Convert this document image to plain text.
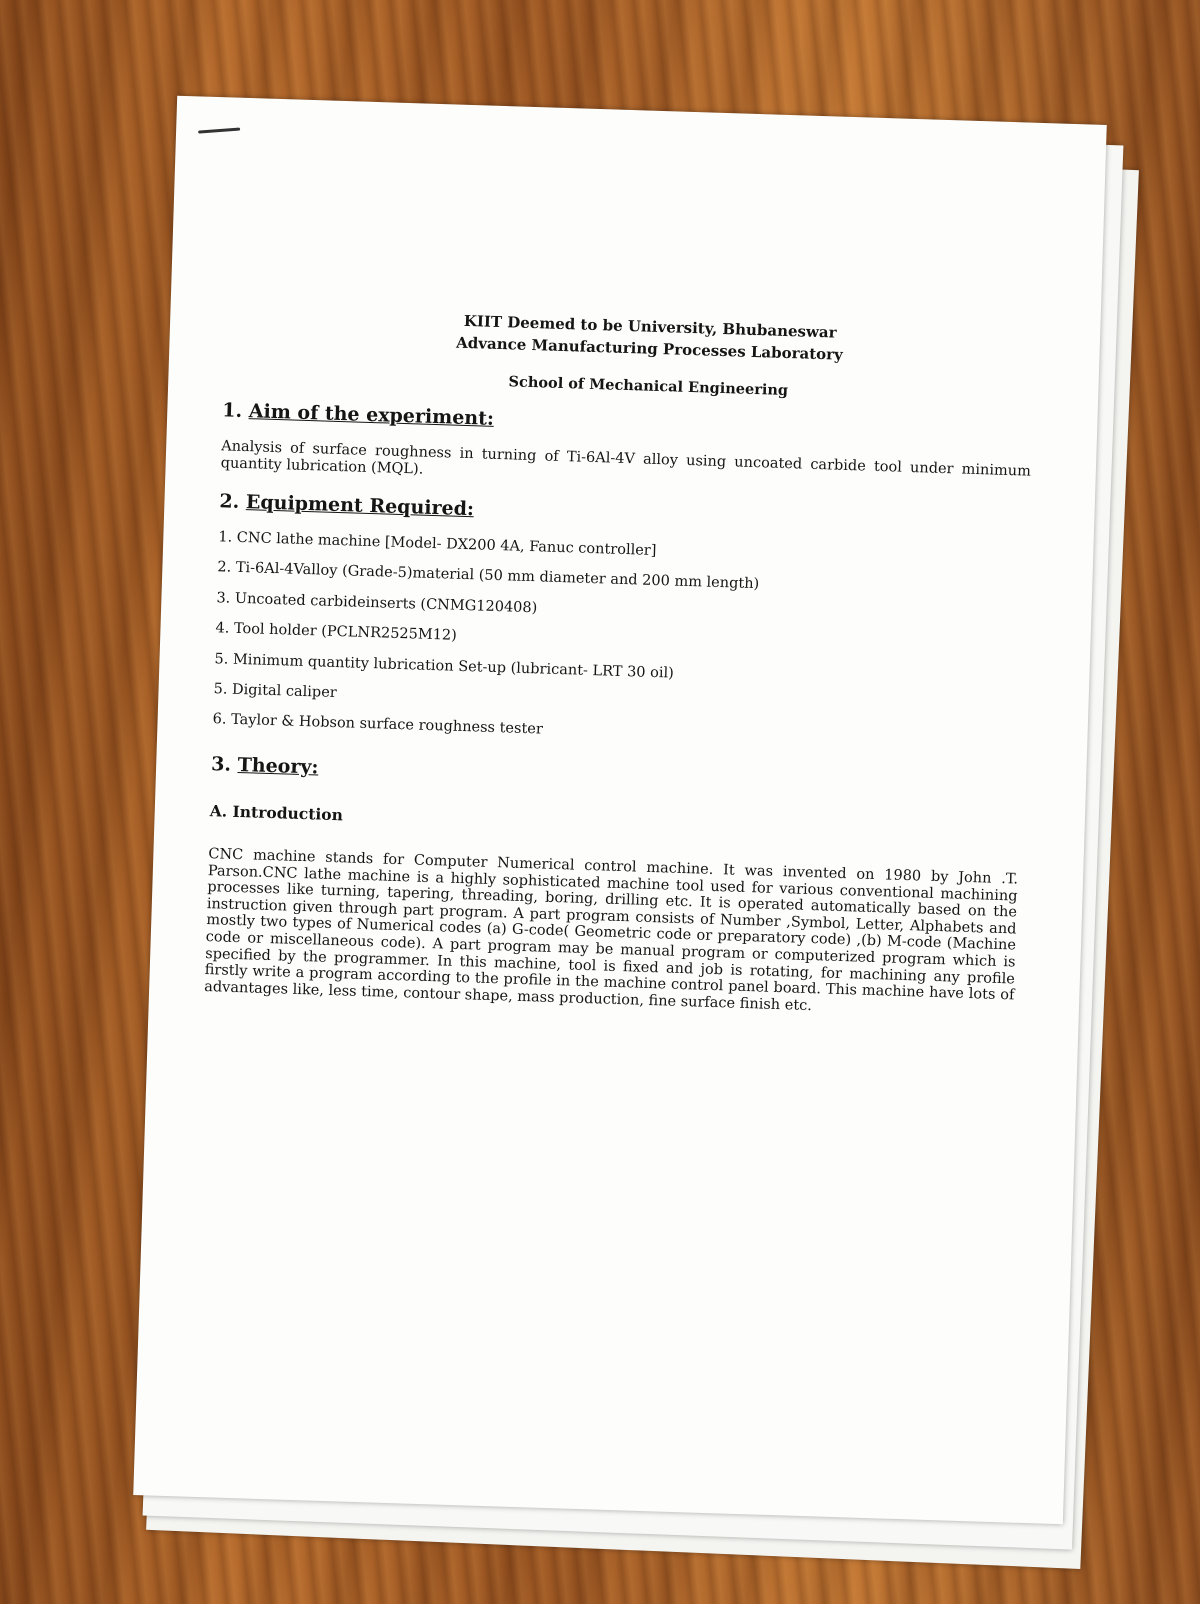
KIIT Deemed to be University, Bhubaneswar
Advance Manufacturing Processes Laboratory
School of Mechanical Engineering
1. Aim of the experiment:
Analysis of surface roughness in turning of Ti-6Al-4V alloy using uncoated carbide tool under minimum quantity lubrication (MQL).
2. Equipment Required:
1. CNC lathe machine [Model- DX200 4A, Fanuc controller]
2. Ti-6Al-4Valloy (Grade-5)material (50 mm diameter and 200 mm length)
3. Uncoated carbideinserts (CNMG120408)
4. Tool holder (PCLNR2525M12)
5. Minimum quantity lubrication Set-up (lubricant- LRT 30 oil)
5. Digital caliper
6. Taylor & Hobson surface roughness tester
3. Theory:
A. Introduction
CNC machine stands for Computer Numerical control machine. It was invented on 1980 by John .T. Parson.CNC lathe machine is a highly sophisticated machine tool used for various conventional machining processes like turning, tapering, threading, boring, drilling etc. It is operated automatically based on the instruction given through part program. A part program consists of Number ,Symbol, Letter, Alphabets and mostly two types of Numerical codes (a) G-code( Geometric code or preparatory code) ,(b) M-code (Machine code or miscellaneous code). A part program may be manual program or computerized program which is specified by the programmer. In this machine, tool is fixed and job is rotating, for machining any profile firstly write a program according to the profile in the machine control panel board. This machine have lots of advantages like, less time, contour shape, mass production, fine surface finish etc.
